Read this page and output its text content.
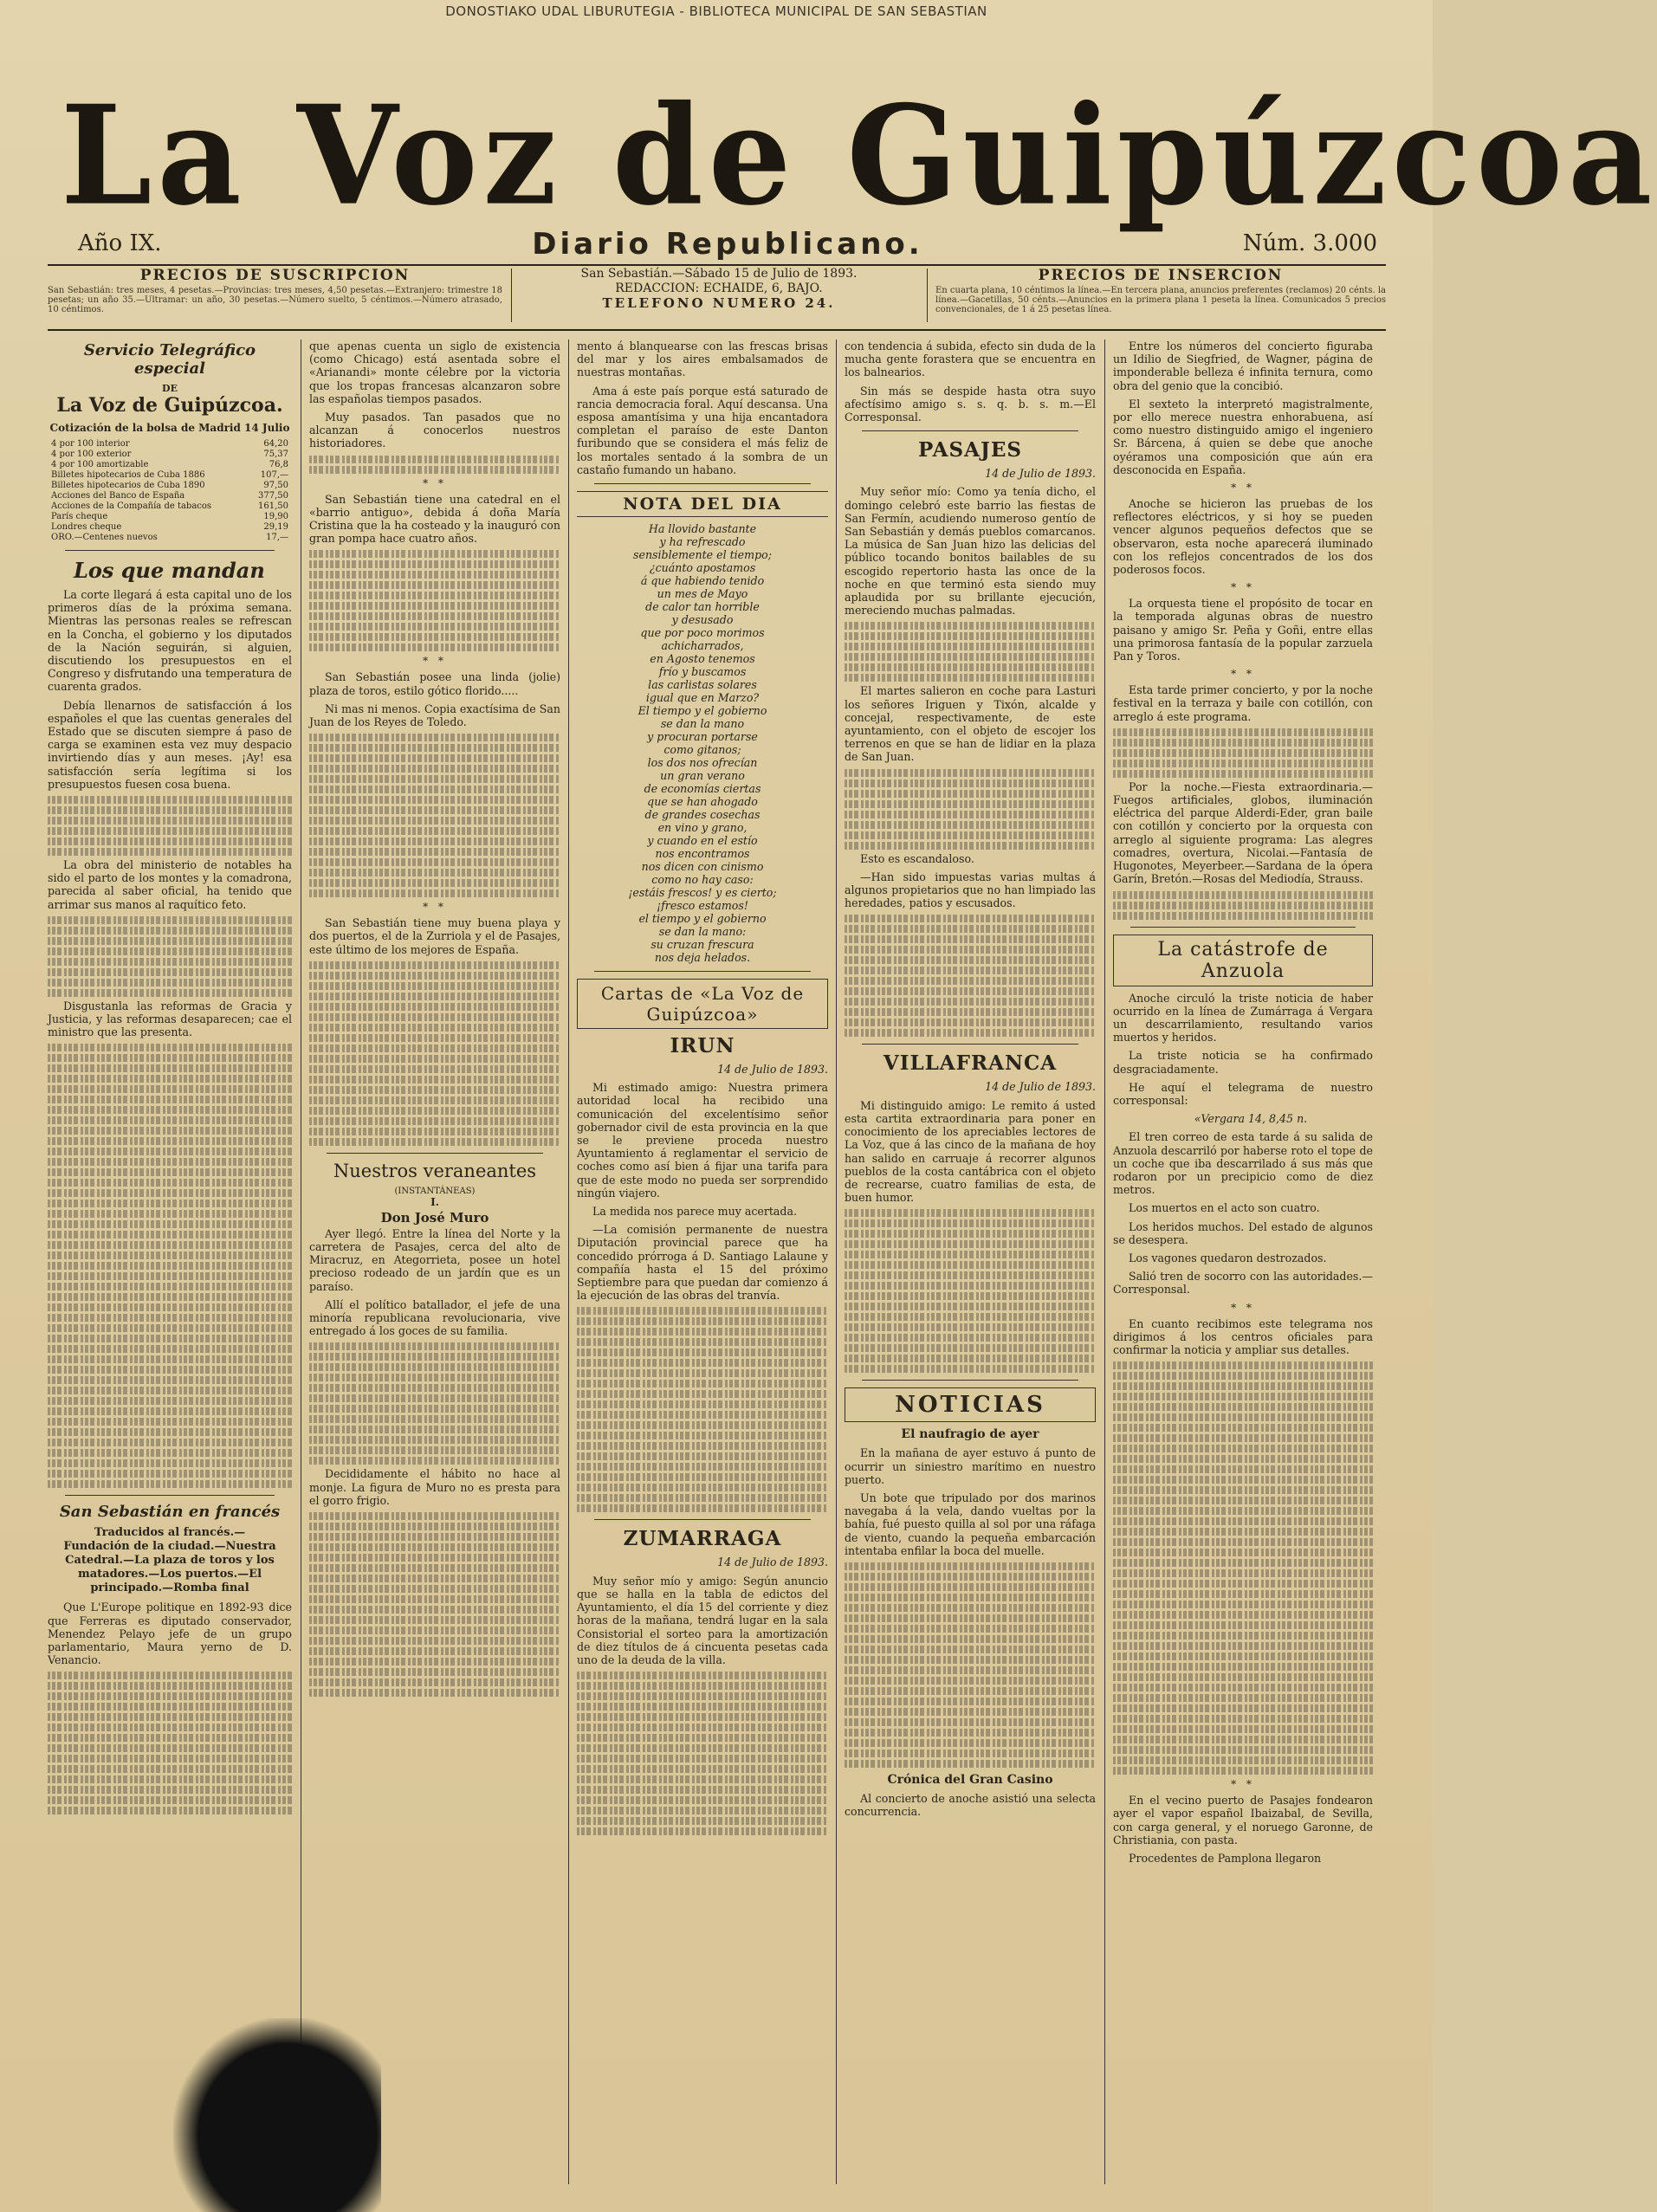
DONOSTIAKO UDAL LIBURUTEGIA - BIBLIOTECA MUNICIPAL DE SAN SEBASTIAN
La Voz de Guipúzcoa
Año IX.	Diario Republicano.	Núm. 3.000
PRECIOS DE SUSCRIPCION
San Sebastián: tres meses, 4 pesetas.—Provincias: tres meses, 4,50 pesetas.—Extranjero: trimestre 18 pesetas; un año 35.—Ultramar: un año, 30 pesetas.—Número suelto, 5 céntimos.—Número atrasado, 10 céntimos.
San Sebastián.—Sábado 15 de Julio de 1893.
REDACCION: ECHAIDE, 6, BAJO.
TELEFONO NUMERO 24.
PRECIOS DE INSERCION
En cuarta plana, 10 céntimos la línea.—En tercera plana, anuncios preferentes (reclamos) 20 cénts. la línea.—Gacetillas, 50 cénts.—Anuncios en la primera plana 1 peseta la línea. Comunicados 5 precios convencionales, de 1 á 25 pesetas línea.
Servicio Telegráfico especial
DE
La Voz de Guipúzcoa.
Cotización de la bolsa de Madrid 14 Julio
4 por 100 interior	64,20
4 por 100 exterior	75,37
4 por 100 amortizable	76,8
Billetes hipotecarios de Cuba 1886	107,—
Billetes hipotecarios de Cuba 1890	97,50
Acciones del Banco de España	377,50
Acciones de la Compañía de tabacos	161,50
París cheque	19,90
Londres cheque	29,19
ORO.—Centenes nuevos	17,—
Los que mandan

La corte llegará á esta capital uno de los primeros días de la próxima semana. Mientras las personas reales se refrescan en la Concha, el gobierno y los diputados de la Nación seguirán, si alguien, discutiendo los presupuestos en el Congreso y disfrutando una temperatura de cuarenta grados.

Debía llenarnos de satisfacción á los españoles el que las cuentas generales del Estado que se discuten siempre á paso de carga se examinen esta vez muy despacio invirtiendo días y aun meses. ¡Ay! esa satisfacción sería legítima si los presupuestos fuesen cosa buena.

La obra del ministerio de notables ha sido el parto de los montes y la comadrona, parecida al saber oficial, ha tenido que arrimar sus manos al raquítico feto.

Disgustanla las reformas de Gracia y Justicia, y las reformas desaparecen; cae el ministro que las presenta.

San Sebastián en francés
Traducidos al francés.—Fundación de la ciudad.—Nuestra Catedral.—La plaza de toros y los matadores.—Los puertos.—El principado.—Romba final

Que L'Europe politique en 1892-93 dice que Ferreras es diputado conservador, Menendez Pelayo jefe de un grupo parlamentario, Maura yerno de D. Venancio.

que apenas cuenta un siglo de existencia (como Chicago) está asentada sobre el «Arianandi» monte célebre por la victoria que los tropas francesas alcanzaron sobre las españolas tiempos pasados.

Muy pasados. Tan pasados que no alcanzan á conocerlos nuestros historiadores.

* *

San Sebastián tiene una catedral en el «barrio antiguo», debida á doña María Cristina que la ha costeado y la inauguró con gran pompa hace cuatro años.

* *

San Sebastián posee una linda (jolie) plaza de toros, estilo gótico florido.....

Ni mas ni menos. Copia exactísima de San Juan de los Reyes de Toledo.

* *

San Sebastián tiene muy buena playa y dos puertos, el de la Zurriola y el de Pasajes, este último de los mejores de España.

Nuestros veraneantes
(INSTANTÁNEAS)
I.
Don José Muro

Ayer llegó. Entre la línea del Norte y la carretera de Pasajes, cerca del alto de Miracruz, en Ategorrieta, posee un hotel precioso rodeado de un jardín que es un paraíso.

Allí el político batallador, el jefe de una minoría republicana revolucionaria, vive entregado á los goces de su familia.

Decididamente el hábito no hace al monje. La figura de Muro no es presta para el gorro frigio.

mento á blanquearse con las frescas brisas del mar y los aires embalsamados de nuestras montañas.

Ama á este país porque está saturado de rancia democracia foral. Aquí descansa. Una esposa amantísima y una hija encantadora completan el paraíso de este Danton furibundo que se considera el más feliz de los mortales sentado á la sombra de un castaño fumando un habano.

NOTA DEL DIA

Ha llovido bastante

y ha refrescado

sensiblemente el tiempo;

¿cuánto apostamos

á que habiendo tenido

un mes de Mayo

de calor tan horrible

y desusado

que por poco morimos

achicharrados,

en Agosto tenemos

frío y buscamos

las carlistas solares

igual que en Marzo?

El tiempo y el gobierno

se dan la mano

y procuran portarse

como gitanos;

los dos nos ofrecían

un gran verano

de economías ciertas

que se han ahogado

de grandes cosechas

en vino y grano,

y cuando en el estío

nos encontramos

nos dicen con cinismo

como no hay caso:

¡estáis frescos! y es cierto;

¡fresco estamos!

el tiempo y el gobierno

se dan la mano:

su cruzan frescura

nos deja helados.

Cartas de «La Voz de Guipúzcoa»
IRUN

14 de Julio de 1893.

Mi estimado amigo: Nuestra primera autoridad local ha recibido una comunicación del excelentísimo señor gobernador civil de esta provincia en la que se le previene proceda nuestro Ayuntamiento á reglamentar el servicio de coches como así bien á fijar una tarifa para que de este modo no pueda ser sorprendido ningún viajero.

La medida nos parece muy acertada.

—La comisión permanente de nuestra Diputación provincial parece que ha concedido prórroga á D. Santiago Lalaune y compañía hasta el 15 del próximo Septiembre para que puedan dar comienzo á la ejecución de las obras del tranvía.

ZUMARRAGA

14 de Julio de 1893.

Muy señor mío y amigo: Según anuncio que se halla en la tabla de edictos del Ayuntamiento, el día 15 del corriente y diez horas de la mañana, tendrá lugar en la sala Consistorial el sorteo para la amortización de diez títulos de á cincuenta pesetas cada uno de la deuda de la villa.

con tendencia á subida, efecto sin duda de la mucha gente forastera que se encuentra en los balnearios.

Sin más se despide hasta otra suyo afectísimo amigo s. s. q. b. s. m.—El Corresponsal.

PASAJES

14 de Julio de 1893.

Muy señor mío: Como ya tenía dicho, el domingo celebró este barrio las fiestas de San Fermín, acudiendo numeroso gentío de San Sebastián y demás pueblos comarcanos. La música de San Juan hizo las delicias del público tocando bonitos bailables de su escogido repertorio hasta las once de la noche en que terminó esta siendo muy aplaudida por su brillante ejecución, mereciendo muchas palmadas.

El martes salieron en coche para Lasturi los señores Iriguen y Tixón, alcalde y concejal, respectivamente, de este ayuntamiento, con el objeto de escojer los terrenos en que se han de lidiar en la plaza de San Juan.

Esto es escandaloso.

—Han sido impuestas varias multas á algunos propietarios que no han limpiado las heredades, patios y escusados.

VILLAFRANCA

14 de Julio de 1893.

Mi distinguido amigo: Le remito á usted esta cartita extraordinaria para poner en conocimiento de los apreciables lectores de La Voz, que á las cinco de la mañana de hoy han salido en carruaje á recorrer algunos pueblos de la costa cantábrica con el objeto de recrearse, cuatro familias de esta, de buen humor.

NOTICIAS
El naufragio de ayer

En la mañana de ayer estuvo á punto de ocurrir un siniestro marítimo en nuestro puerto.

Un bote que tripulado por dos marinos navegaba á la vela, dando vueltas por la bahía, fué puesto quilla al sol por una ráfaga de viento, cuando la pequeña embarcación intentaba enfilar la boca del muelle.

Crónica del Gran Casino

Al concierto de anoche asistió una selecta concurrencia.

Entre los números del concierto figuraba un Idilio de Siegfried, de Wagner, página de imponderable belleza é infinita ternura, como obra del genio que la concibió.

El sexteto la interpretó magistralmente, por ello merece nuestra enhorabuena, así como nuestro distinguido amigo el ingeniero Sr. Bárcena, á quien se debe que anoche oyéramos una composición que aún era desconocida en España.

* *

Anoche se hicieron las pruebas de los reflectores eléctricos, y si hoy se pueden vencer algunos pequeños defectos que se observaron, esta noche aparecerá iluminado con los reflejos concentrados de los dos poderosos focos.

* *

La orquesta tiene el propósito de tocar en la temporada algunas obras de nuestro paisano y amigo Sr. Peña y Goñi, entre ellas una primorosa fantasía de la popular zarzuela Pan y Toros.

* *

Esta tarde primer concierto, y por la noche festival en la terraza y baile con cotillón, con arreglo á este programa.

Por la noche.—Fiesta extraordinaria.—Fuegos artificiales, globos, iluminación eléctrica del parque Alderdi-Eder, gran baile con cotillón y concierto por la orquesta con arreglo al siguiente programa: Las alegres comadres, overtura, Nicolai.—Fantasía de Hugonotes, Meyerbeer.—Sardana de la ópera Garín, Bretón.—Rosas del Mediodía, Strauss.

La catástrofe de Anzuola

Anoche circuló la triste noticia de haber ocurrido en la línea de Zumárraga á Vergara un descarrilamiento, resultando varios muertos y heridos.

La triste noticia se ha confirmado desgraciadamente.

He aquí el telegrama de nuestro corresponsal:

«Vergara 14, 8,45 n.

El tren correo de esta tarde á su salida de Anzuola descarriló por haberse roto el tope de un coche que iba descarrilado á sus más que rodaron por un precipicio como de diez metros.

Los muertos en el acto son cuatro.

Los heridos muchos. Del estado de algunos se desespera.

Los vagones quedaron destrozados.

Salió tren de socorro con las autoridades.—Corresponsal.

* *

En cuanto recibimos este telegrama nos dirigimos á los centros oficiales para confirmar la noticia y ampliar sus detalles.

* *

En el vecino puerto de Pasajes fondearon ayer el vapor español Ibaizabal, de Sevilla, con carga general, y el noruego Garonne, de Christiania, con pasta.

Procedentes de Pamplona llegaron
